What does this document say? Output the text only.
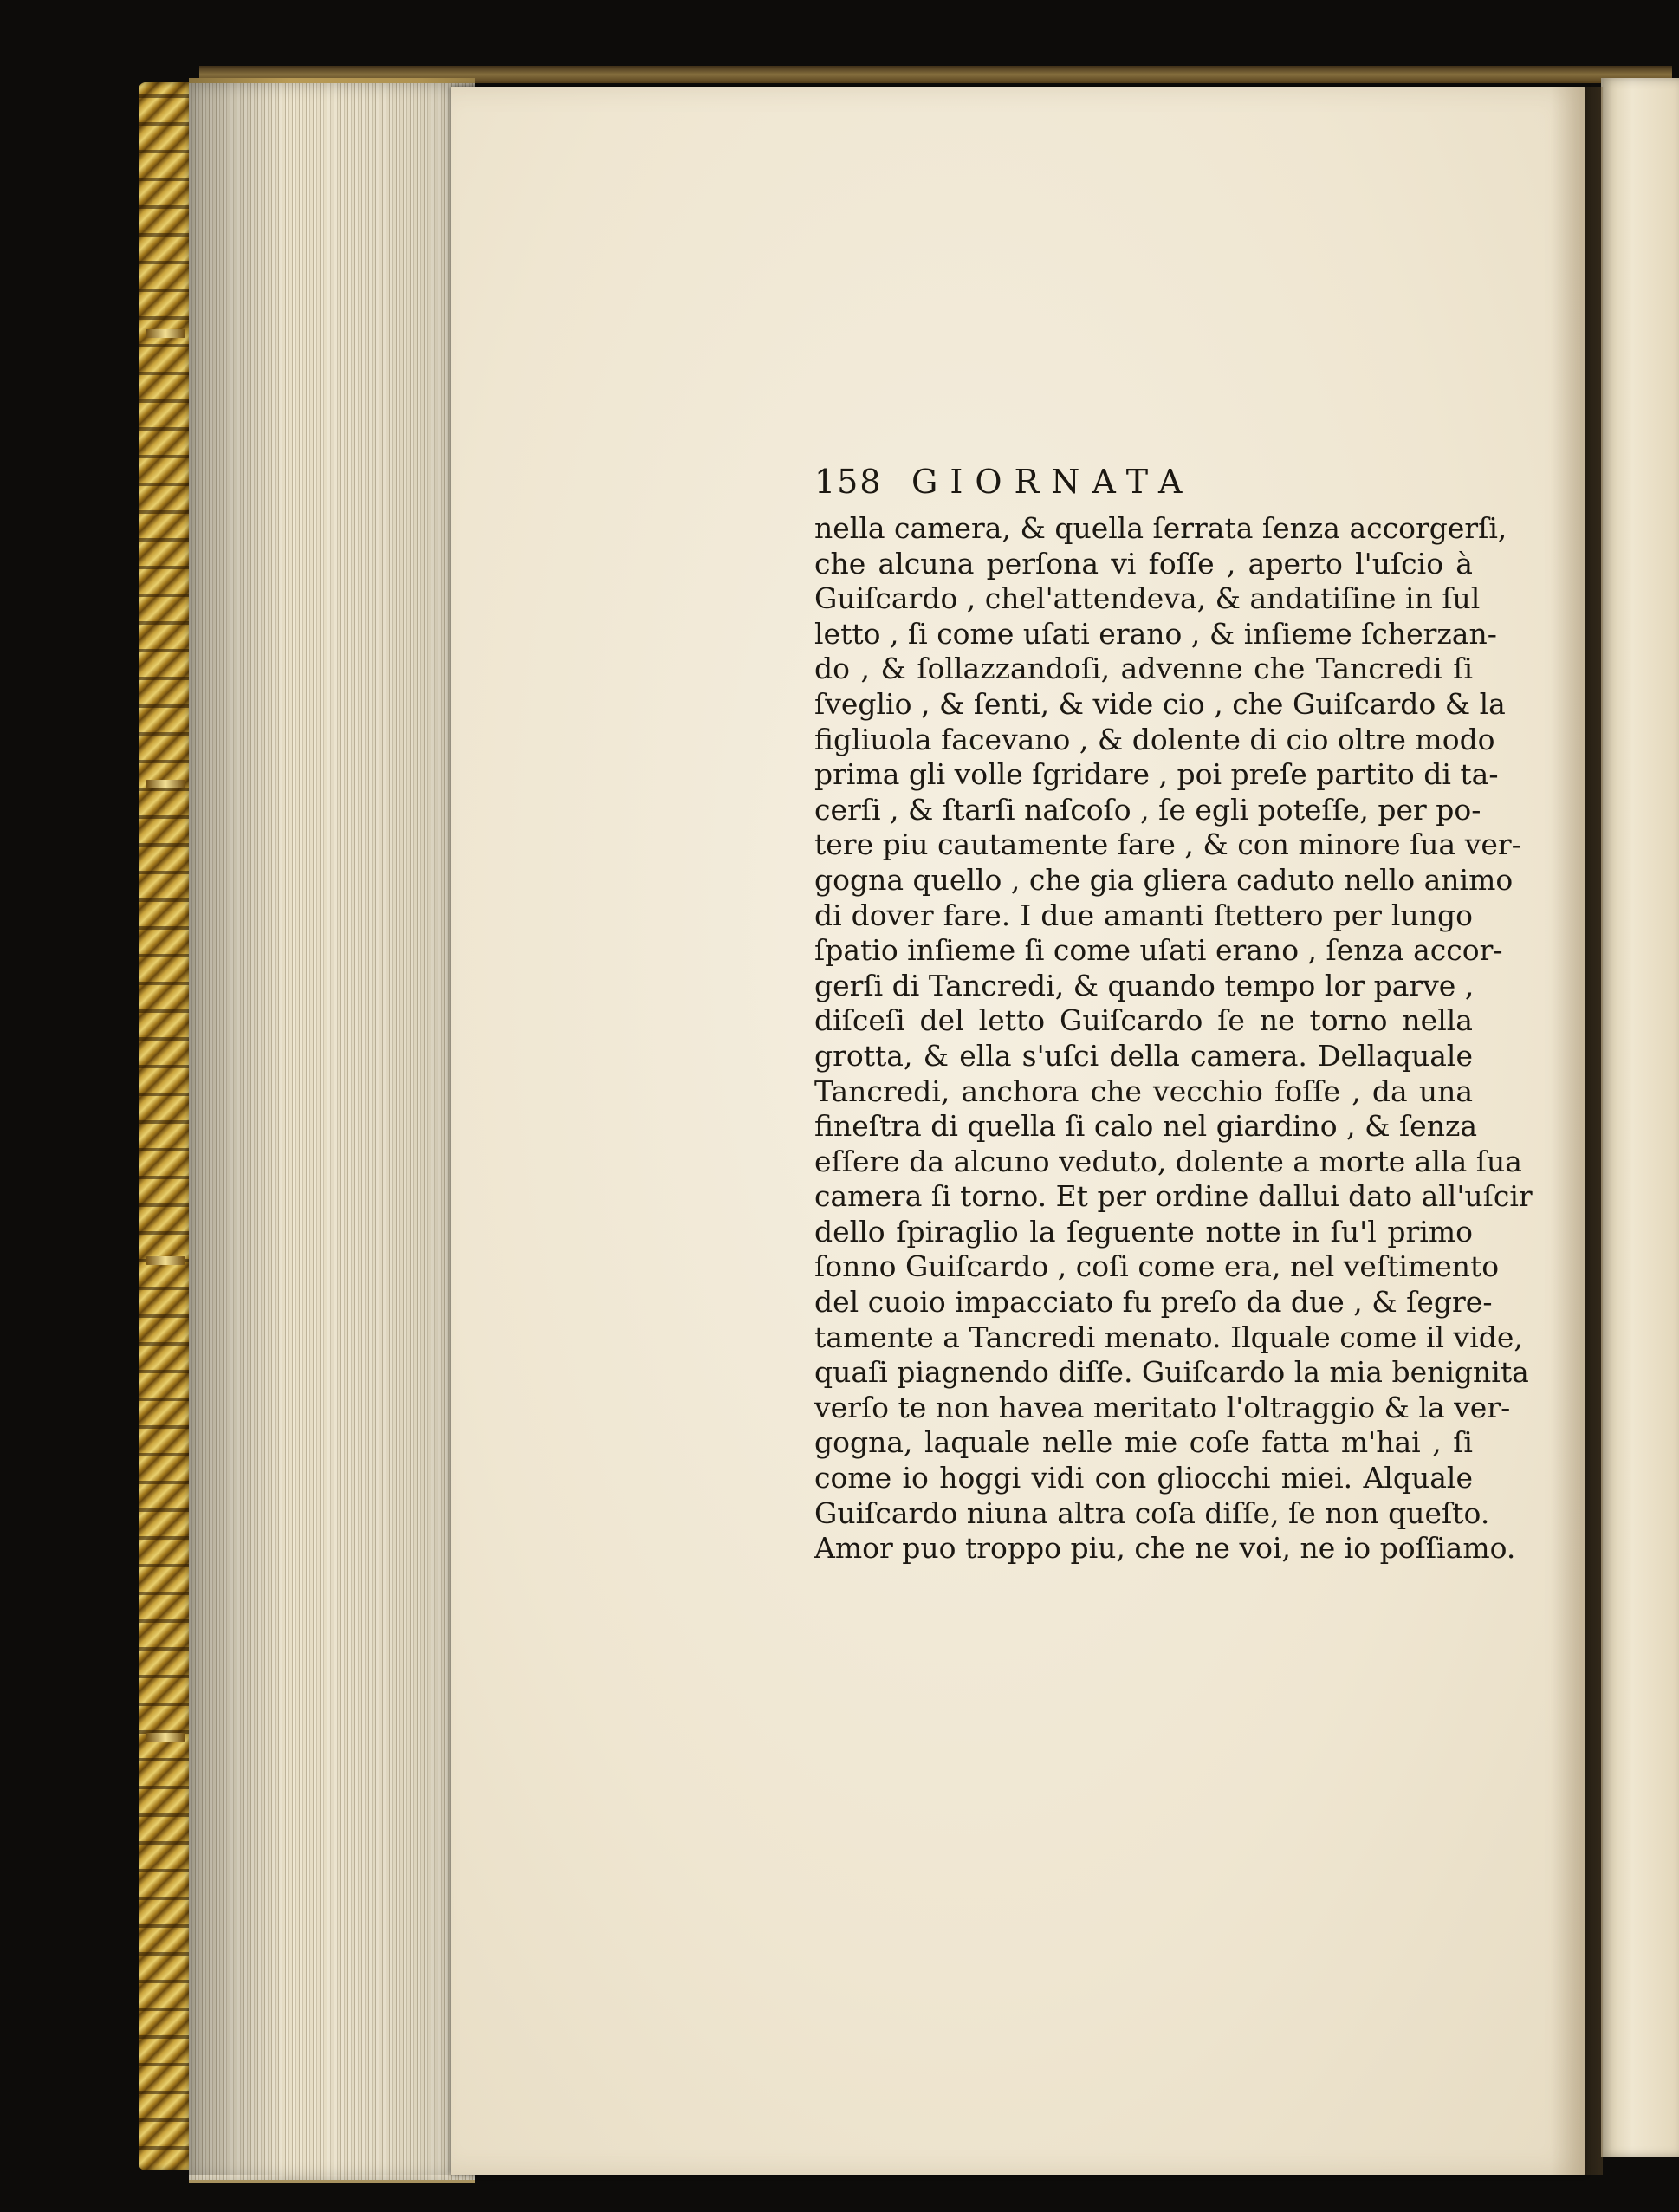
158 GIORNATA
nella camera, & quella ſerrata ſenza accorgerſi,
che alcuna perſona vi foſſe , aperto l'uſcio à
Guiſcardo , chel'attendeva, & andatiſine in ſul
letto , ſi come uſati erano , & inſieme ſcherzan-
do , & ſollazzandoſi, advenne che Tancredi ſi
ſveglio , & ſenti, & vide cio , che Guiſcardo & la
figliuola facevano , & dolente di cio oltre modo
prima gli volle ſgridare , poi preſe partito di ta-
cerſi , & ſtarſi naſcoſo , ſe egli poteſſe, per po-
tere piu cautamente fare , & con minore ſua ver-
gogna quello , che gia gliera caduto nello animo
di dover fare. I due amanti ſtettero per lungo
ſpatio inſieme ſi come uſati erano , ſenza accor-
gerſi di Tancredi, & quando tempo lor parve ,
diſceſi del letto Guiſcardo ſe ne torno nella
grotta, & ella s'uſci della camera. Dellaquale
Tancredi, anchora che vecchio foſſe , da una
fineſtra di quella ſi calo nel giardino , & ſenza
eſſere da alcuno veduto, dolente a morte alla ſua
camera ſi torno. Et per ordine dallui dato all'uſcir
dello ſpiraglio la ſeguente notte in ſu'l primo
ſonno Guiſcardo , coſi come era, nel veſtimento
del cuoio impacciato fu preſo da due , & ſegre-
tamente a Tancredi menato. Ilquale come il vide,
quaſi piagnendo diſſe. Guiſcardo la mia benignita
verſo te non havea meritato l'oltraggio & la ver-
gogna, laquale nelle mie coſe fatta m'hai , ſi
come io hoggi vidi con gliocchi miei. Alquale
Guiſcardo niuna altra coſa diſſe, ſe non queſto.
Amor puo troppo piu, che ne voi, ne io poſſiamo.
